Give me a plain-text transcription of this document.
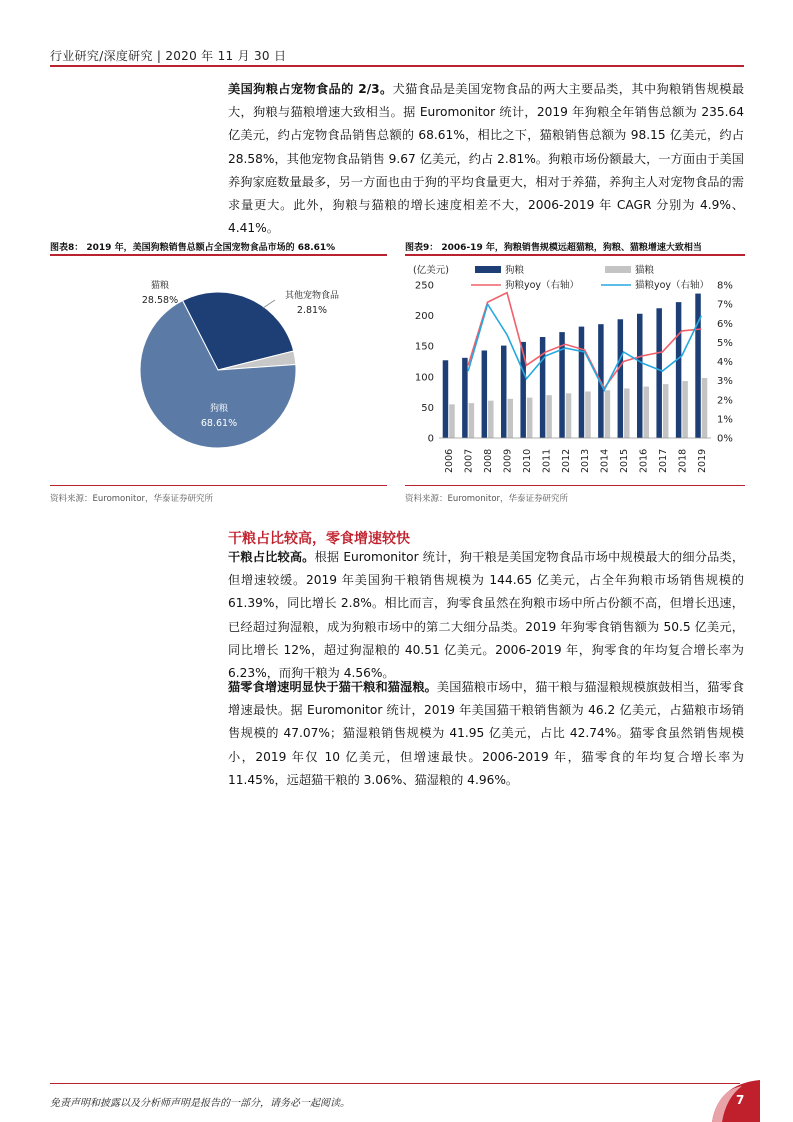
行业研究/深度研究 | 2020 年 11 月 30 日

美国狗粮占宠物食品的 2/3。犬猫食品是美国宠物食品的两大主要品类，其中狗粮销售规模最大，狗粮与猫粮增速大致相当。据 Euromonitor 统计，2019 年狗粮全年销售总额为 235.64 亿美元，约占宠物食品销售总额的 68.61%，相比之下，猫粮销售总额为 98.15 亿美元，约占 28.58%，其他宠物食品销售 9.67 亿美元，约占 2.81%。狗粮市场份额最大，一方面由于美国养狗家庭数量最多，另一方面也由于狗的平均食量更大，相对于养猫，养狗主人对宠物食品的需求量更大。此外，狗粮与猫粮的增长速度相差不大，2006-2019 年 CAGR 分别为 4.9%、4.41%。

图表8： 2019 年，美国狗粮销售总额占全国宠物食品市场的 68.61%
狗粮
68.61%
猫粮
28.58%	其他宠物食品
2.81%
资料来源：Euromonitor，华泰证券研究所
图表9： 2006-19 年，狗粮销售规模远超猫粮，狗粮、猫粮增速大致相当
(亿美元)
0
50
100
150
200
250
0%
1%
2%
3%
4%
5%
6%
7%
8%
2006 2007 2008 2009 2010 2011 2012 2013 2014 2015 2016 2017 2018 2019
狗粮	猫粮
狗粮yoy（右轴）	猫粮yoy（右轴）
资料来源：Euromonitor，华泰证券研究所
干粮占比较高，零食增速较快

干粮占比较高。根据 Euromonitor 统计，狗干粮是美国宠物食品市场中规模最大的细分品类，但增速较缓。2019 年美国狗干粮销售规模为 144.65 亿美元，占全年狗粮市场销售规模的 61.39%，同比增长 2.8%。相比而言，狗零食虽然在狗粮市场中所占份额不高，但增长迅速，已经超过狗湿粮，成为狗粮市场中的第二大细分品类。2019 年狗零食销售额为 50.5 亿美元，同比增长 12%，超过狗湿粮的 40.51 亿美元。2006-2019 年，狗零食的年均复合增长率为 6.23%，而狗干粮为 4.56%。

猫零食增速明显快于猫干粮和猫湿粮。美国猫粮市场中，猫干粮与猫湿粮规模旗鼓相当，猫零食增速最快。据 Euromonitor 统计，2019 年美国猫干粮销售额为 46.2 亿美元，占猫粮市场销售规模的 47.07%；猫湿粮销售规模为 41.95 亿美元，占比 42.74%。猫零食虽然销售规模小，2019 年仅 10 亿美元，但增速最快。2006-2019 年，猫零食的年均复合增长率为 11.45%，远超猫干粮的 3.06%、猫湿粮的 4.96%。

免责声明和披露以及分析师声明是报告的一部分，请务必一起阅读。	7
